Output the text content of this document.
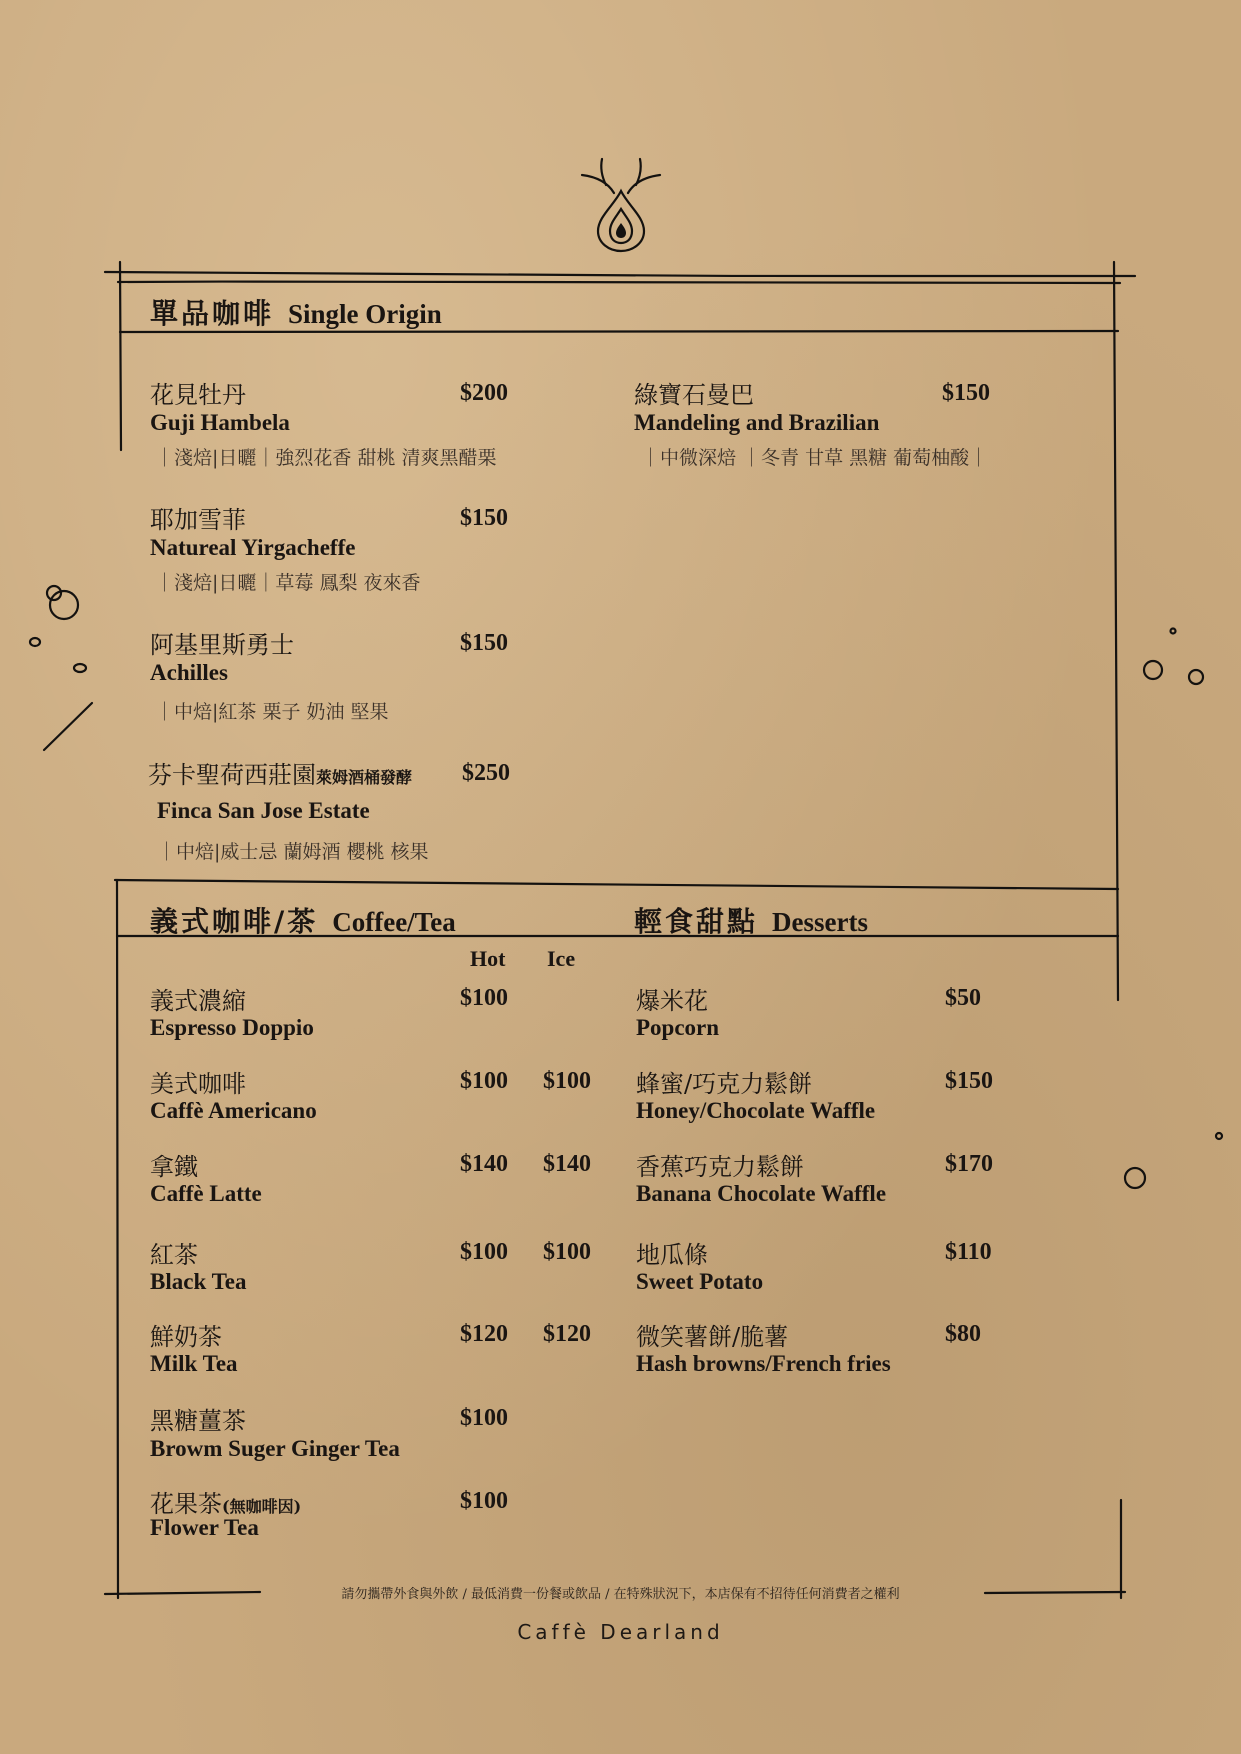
單品咖啡 Single Origin
花見牡丹	$200
Guji Hambela
｜淺焙|日曬｜強烈花香 甜桃 清爽黑醋栗
耶加雪菲	$150
Natureal Yirgacheffe
｜淺焙|日曬｜草莓 鳳梨 夜來香
阿基里斯勇士	$150
Achilles
｜中焙|紅茶 栗子 奶油 堅果
芬卡聖荷西莊園萊姆酒桶發酵 $250
Finca San Jose Estate
｜中焙|威士忌 蘭姆酒 櫻桃 核果
綠寶石曼巴	$150
Mandeling and Brazilian
｜中微深焙 ｜冬青 甘草 黑糖 葡萄柚酸｜
義式咖啡/茶 Coffee/Tea
Hot Ice
義式濃縮	$100
Espresso Doppio
美式咖啡	$100 $100
Caffè Americano
拿鐵	$140 $140
Caffè Latte
紅茶	$100 $100
Black Tea
鮮奶茶	$120 $120
Milk Tea
黑糖薑茶	$100
Browm Suger Ginger Tea
花果茶(無咖啡因)	$100
Flower Tea
輕食甜點 Desserts
爆米花	$50
Popcorn
蜂蜜/巧克力鬆餅	$150
Honey/Chocolate Waffle
香蕉巧克力鬆餅	$170
Banana Chocolate Waffle
地瓜條	$110
Sweet Potato
微笑薯餅/脆薯	$80
Hash browns/French fries
請勿攜帶外食與外飲 / 最低消費一份餐或飲品 / 在特殊狀況下，本店保有不招待任何消費者之權利
Caffè Dearland
